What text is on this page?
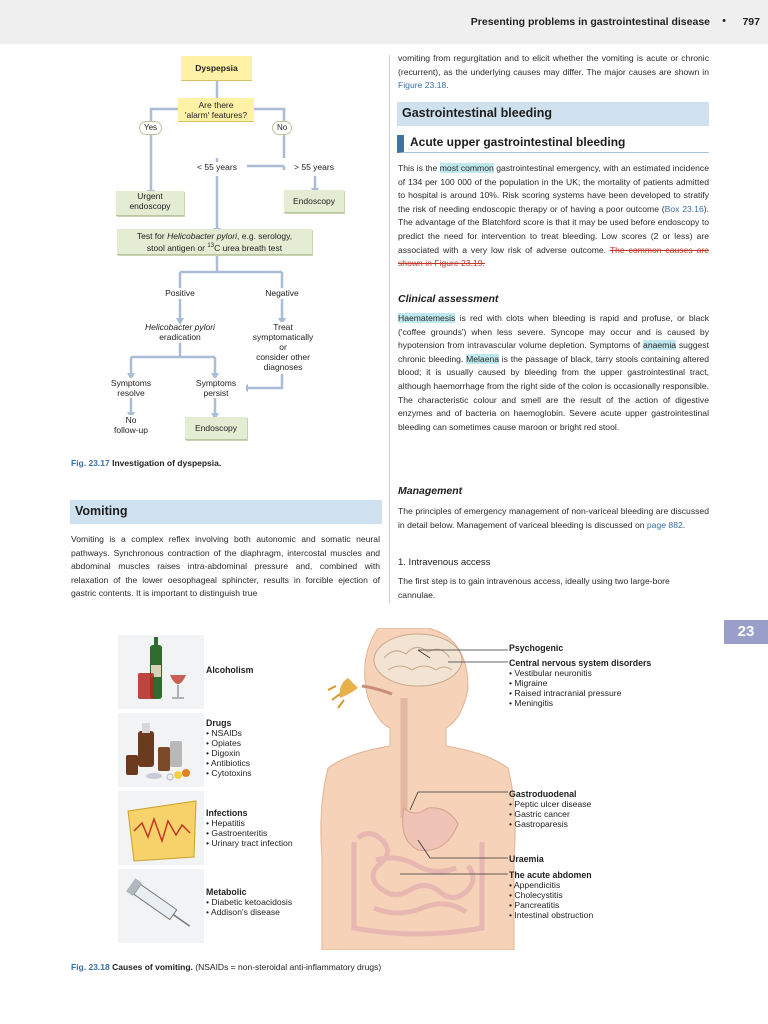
Presenting problems in gastrointestinal disease • 797
Dyspepsia
Are there
'alarm' features?
Yes	No
< 55 years	> 55 years
Urgent
endoscopy	Endoscopy
Test for Helicobacter pylori, e.g. serology,
stool antigen or $^{13}$C urea breath test
Positive	Negative
Helicobacter pylori
eradication
Treat
symptomatically
or
consider other
diagnoses
Symptoms
resolve
Symptoms
persist
No
follow-up	Endoscopy
Fig. 23.17 Investigation of dyspepsia.
Vomiting
Vomiting is a complex reflex involving both autonomic and somatic neural pathways. Synchronous contraction of the diaphragm, intercostal muscles and abdominal muscles raises intra-abdominal pressure and, combined with relaxation of the lower oesophageal sphincter, results in forcible ejection of gastric contents. It is important to distinguish true
vomiting from regurgitation and to elicit whether the vomiting is acute or chronic (recurrent), as the underlying causes may differ. The major causes are shown in Figure 23.18.
Gastrointestinal bleeding
Acute upper gastrointestinal bleeding
This is the most common gastrointestinal emergency, with an estimated incidence of 134 per 100 000 of the population in the UK; the mortality of patients admitted to hospital is around 10%. Risk scoring systems have been developed to stratify the risk of needing endoscopic therapy or of having a poor outcome (Box 23.16). The advantage of the Blatchford score is that it may be used before endoscopy to predict the need for intervention to treat bleeding. Low scores (2 or less) are associated with a very low risk of adverse outcome. The common causes are shown in Figure 23.19.
Clinical assessment
Haematemesis is red with clots when bleeding is rapid and profuse, or black ('coffee grounds') when less severe. Syncope may occur and is caused by hypotension from intravascular volume depletion. Symptoms of anaemia suggest chronic bleeding. Melaena is the passage of black, tarry stools containing altered blood; it is usually caused by bleeding from the upper gastrointestinal tract, although haemorrhage from the right side of the colon is occasionally responsible. The characteristic colour and smell are the result of the action of digestive enzymes and of bacteria on haemoglobin. Severe acute upper gastrointestinal bleeding can sometimes cause maroon or bright red stool.
Management
The principles of emergency management of non-variceal bleeding are discussed in detail below. Management of variceal bleeding is discussed on page 882.
1. Intravenous access
The first step is to gain intravenous access, ideally using two large-bore cannulae.
23
Alcoholism
Drugs
• NSAIDs
• Opiates
• Digoxin
• Antibiotics
• Cytotoxins
Infections
• Hepatitis
• Gastroenteritis
• Urinary tract infection
Metabolic
• Diabetic ketoacidosis
• Addison's disease
Psychogenic
Central nervous system disorders
• Vestibular neuronitis
• Migraine
• Raised intracranial pressure
• Meningitis
Gastroduodenal
• Peptic ulcer disease
• Gastric cancer
• Gastroparesis
Uraemia
The acute abdomen
• Appendicitis
• Cholecystitis
• Pancreatitis
• Intestinal obstruction
Fig. 23.18 Causes of vomiting. (NSAIDs = non-steroidal anti-inflammatory drugs)
